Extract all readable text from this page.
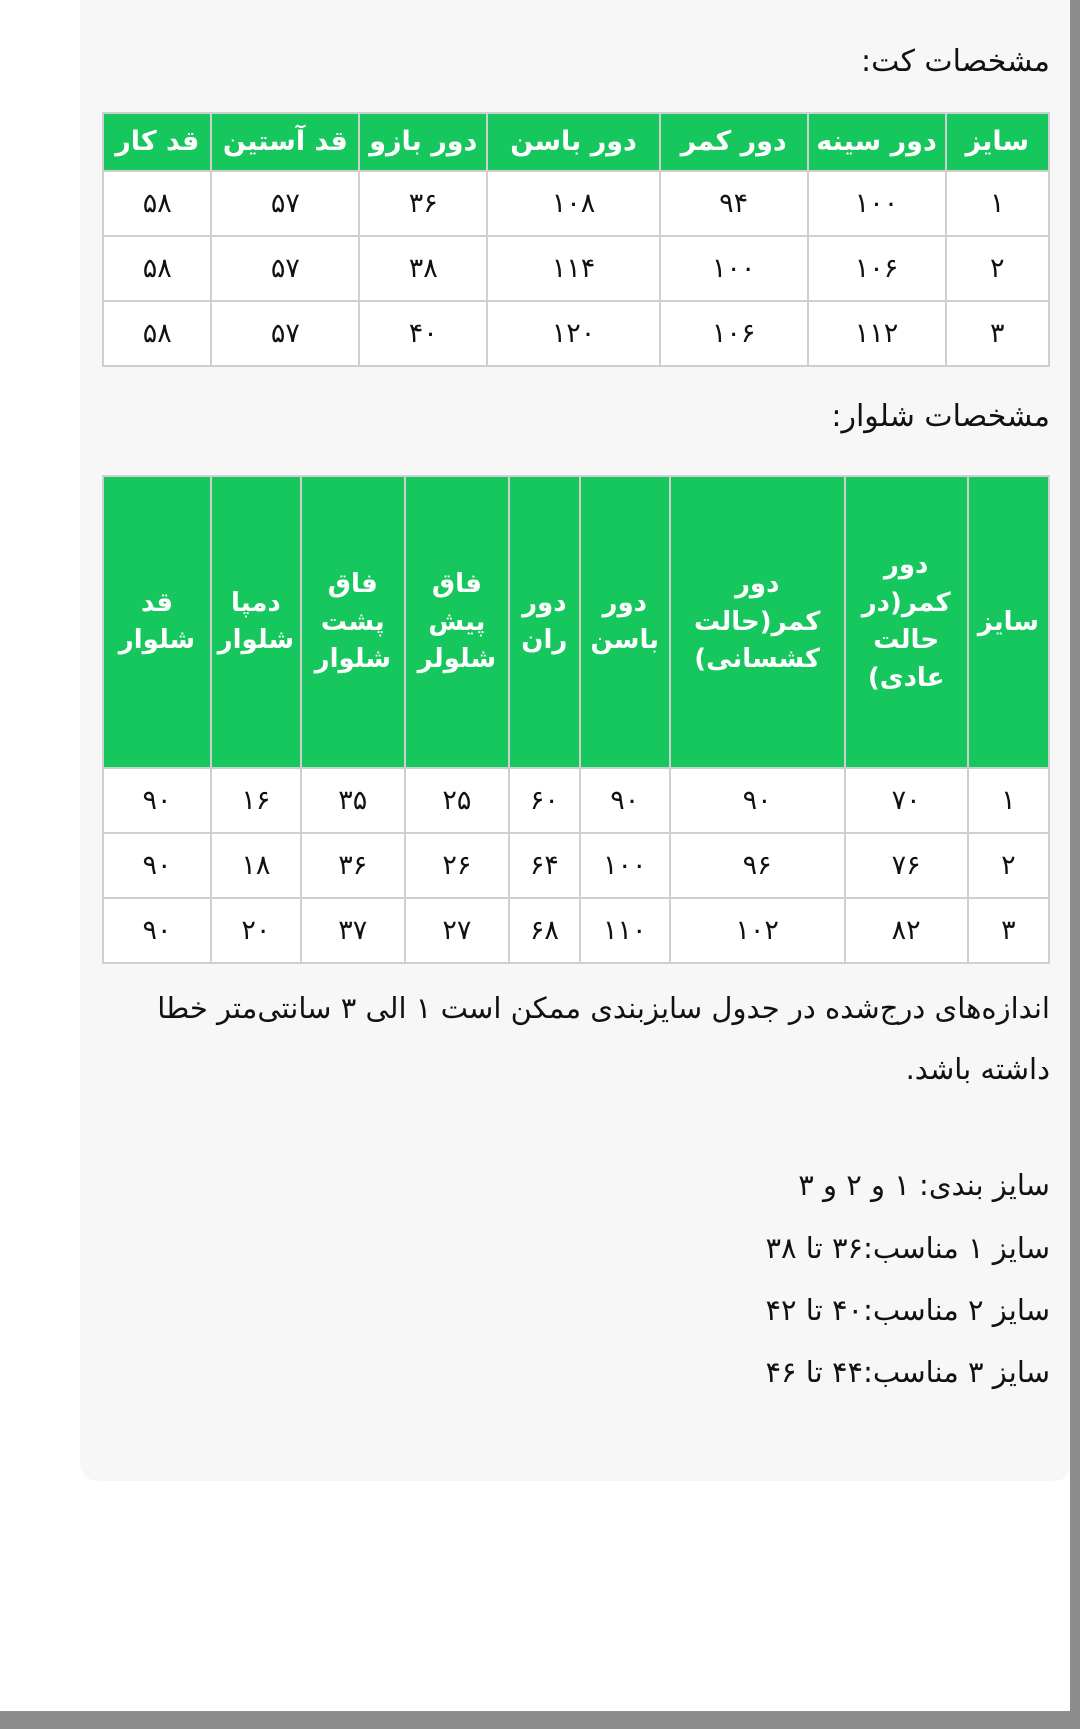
مشخصات کت:
سایز	دور سینه	دور کمر	دور باسن	دور بازو	قد آستین	قد کار
١	١٠٠	٩۴	١٠٨	٣۶	۵٧	۵٨
٢	١٠۶	١٠٠	١١۴	٣٨	۵٧	۵٨
٣	١١٢	١٠۶	١٢٠	۴٠	۵٧	۵٨
مشخصات شلوار:
سایز	دور کمر(در حالت عادی)	دور کمر(حالت کشسانی)	دور باسن	دور ران	فاق پیش شلولر	فاق پشت شلوار	دمپا شلوار	قد شلوار
١	٧٠	٩٠	٩٠	۶٠	٢۵	٣۵	١۶	٩٠
٢	٧۶	٩۶	١٠٠	۶۴	٢۶	٣۶	١٨	٩٠
٣	٨٢	١٠٢	١١٠	۶٨	٢٧	٣٧	٢٠	٩٠

اندازه‌های درج‌شده در جدول سایزبندی ممکن است ١ الی ٣ سانتی‌متر خطا داشته باشد.

سایز بندی: ١ و ٢ و ٣
سایز ١ مناسب:٣۶ تا ٣٨
سایز ٢ مناسب:۴٠ تا ۴٢
سایز ٣ مناسب:۴۴ تا ۴۶
